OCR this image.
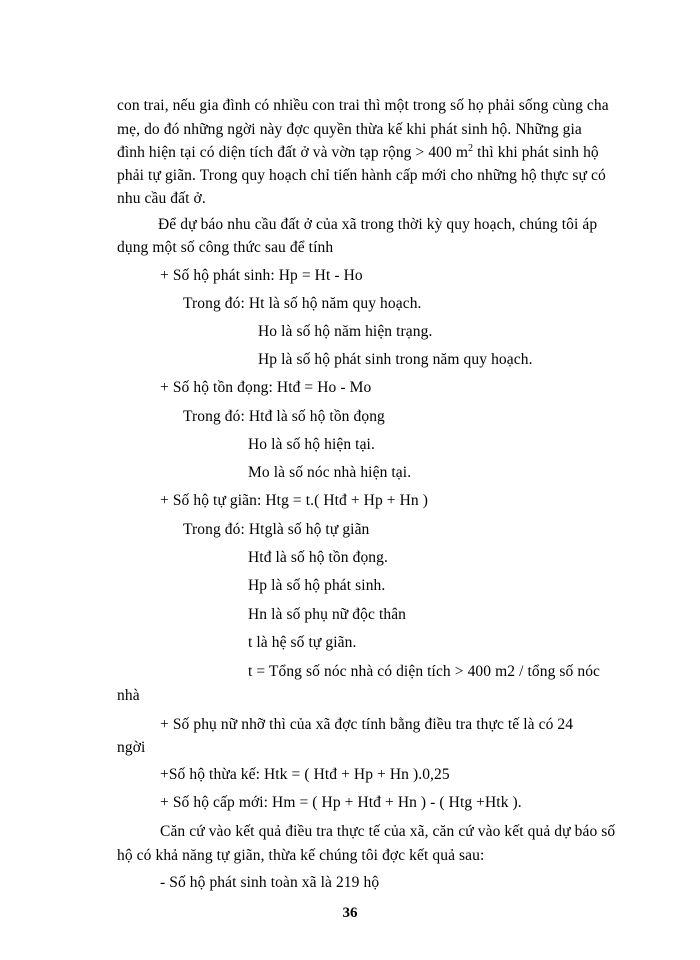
con trai, nếu gia đình có nhiều con trai thì một trong số họ phải sống cùng cha
mẹ, do đó những ngời này đợc quyền thừa kế khi phát sinh hộ. Những gia
đình hiện tại có diện tích đất ở và vờn tạp rộng > 400 $m^2$ thì khi phát sinh hộ
phải tự giãn. Trong quy hoạch chỉ tiến hành cấp mới cho những hộ thực sự có
nhu cầu đất ở.
Để dự báo nhu cầu đất ở của xã trong thời kỳ quy hoạch, chúng tôi áp
dụng một số công thức sau để tính
+ Số hộ phát sinh: Hp = Ht - Ho
Trong đó: Ht là số hộ năm quy hoạch.
Ho là số hộ năm hiện trạng.
Hp là số hộ phát sinh trong năm quy hoạch.
+ Số hộ tồn đọng: Htđ = Ho - Mo
Trong đó: Htđ là số hộ tồn đọng
Ho là số hộ hiện tại.
Mo là số nóc nhà hiện tại.
+ Số hộ tự giãn: Htg = t.( Htđ + Hp + Hn )
Trong đó: Htglà số hộ tự giãn
Htđ là số hộ tồn đọng.
Hp là số hộ phát sinh.
Hn là số phụ nữ độc thân
t là hệ số tự giãn.
t = Tổng số nóc nhà có diện tích > 400 m2 / tổng số nóc
nhà
+ Số phụ nữ nhỡ thì của xã đợc tính bằng điều tra thực tế là có 24
ngời
+Số hộ thừa kế: Htk = ( Htđ + Hp + Hn ).0,25
+ Số hộ cấp mới: Hm = ( Hp + Htđ + Hn ) - ( Htg +Htk ).
Căn cứ vào kết quả điều tra thực tế của xã, căn cứ vào kết quả dự báo số
hộ có khả năng tự giãn, thừa kế chúng tôi đợc kết quả sau:
- Số hộ phát sinh toàn xã là 219 hộ
36
